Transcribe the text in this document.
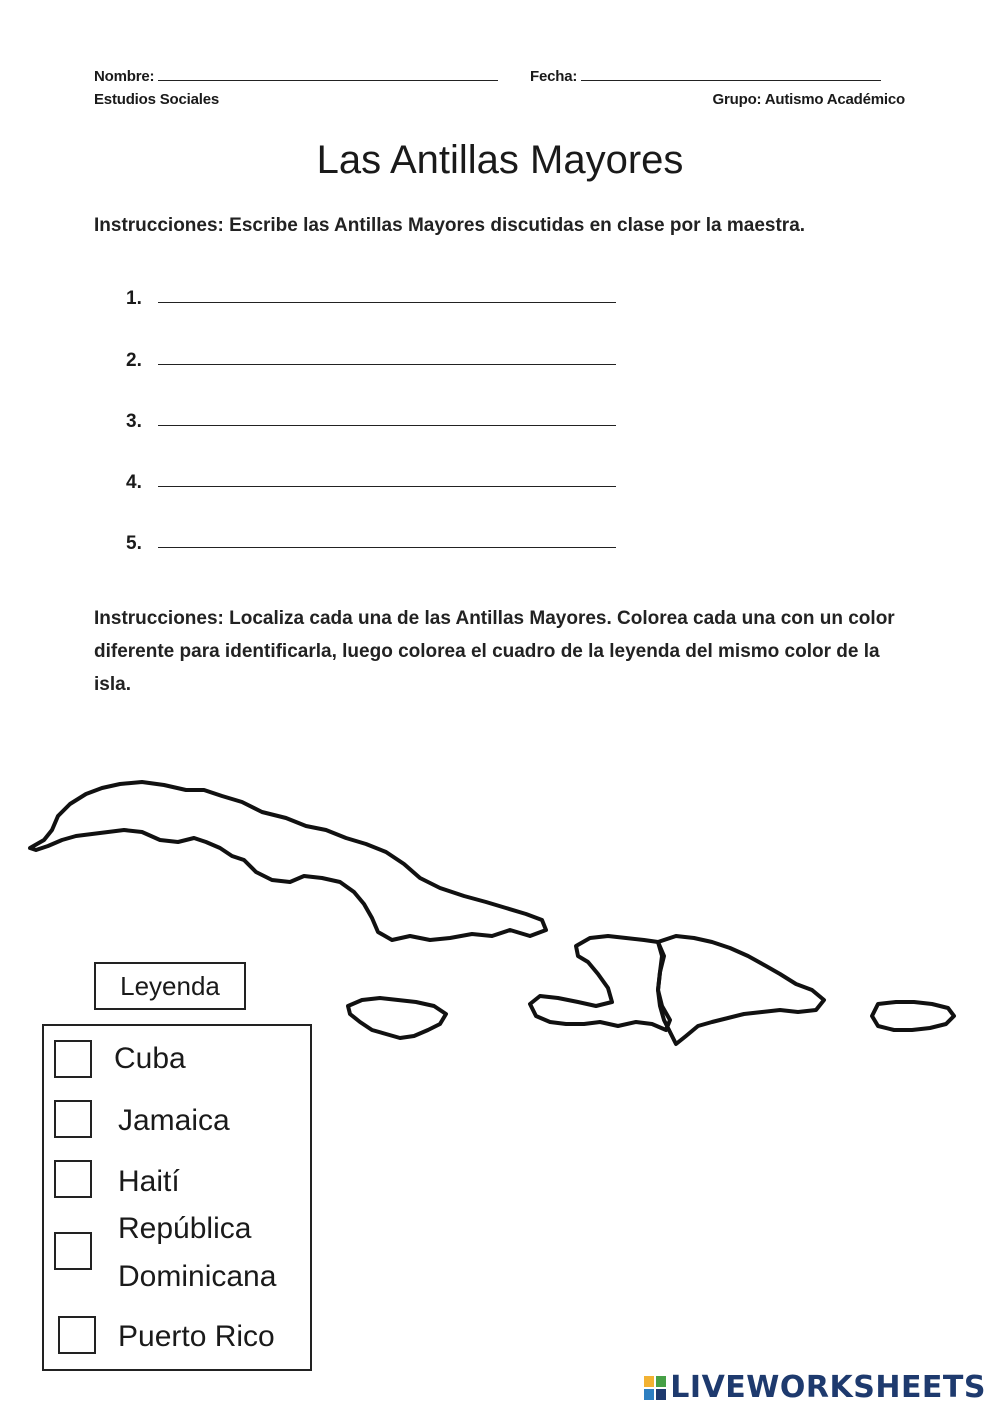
Nombre:	Fecha:
Estudios Sociales	Grupo: Autismo Académico
Las Antillas Mayores
Instrucciones: Escribe las Antillas Mayores discutidas en clase por la maestra.
1.
2.
3.
4.
5.
Instrucciones: Localiza cada una de las Antillas Mayores. Colorea cada una con un color diferente para identificarla, luego colorea el cuadro de la leyenda del mismo color de la isla.
Leyenda
Cuba
Jamaica
Haití
República
Dominicana
Puerto Rico
LIVEWORKSHEETS
